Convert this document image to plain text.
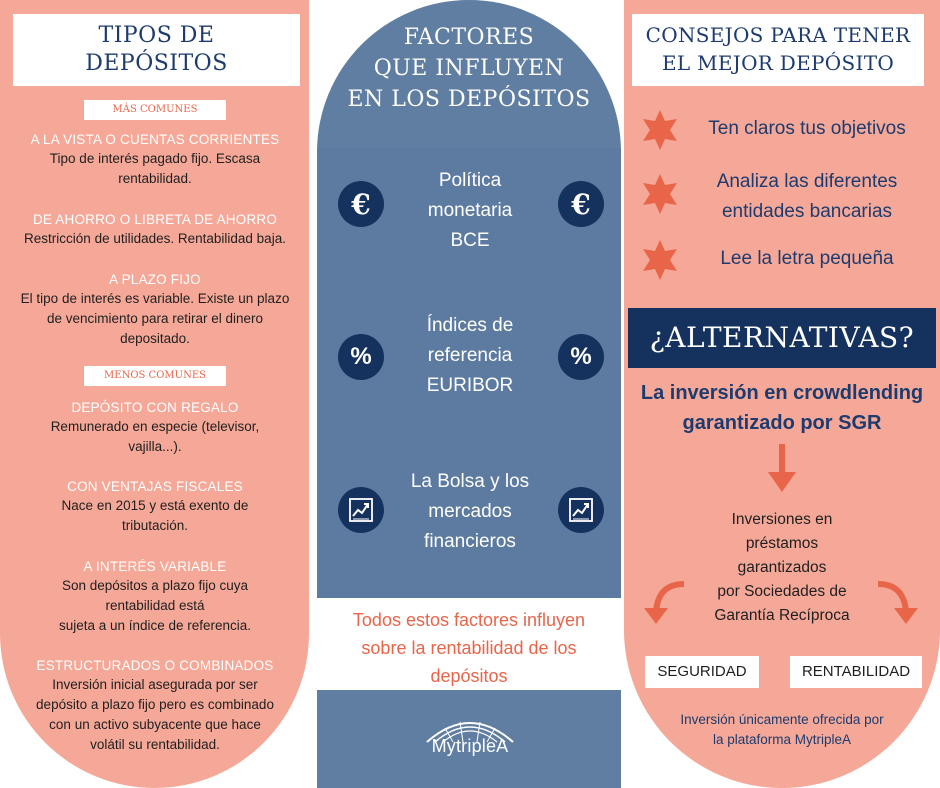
TIPOS DE
DEPÓSITOS
MÁS COMUNES
A LA VISTA O CUENTAS CORRIENTES
Tipo de interés pagado fijo. Escasa
rentabilidad.
DE AHORRO O LIBRETA DE AHORRO
Restricción de utilidades. Rentabilidad baja.
A PLAZO FIJO
El tipo de interés es variable. Existe un plazo
de vencimiento para retirar el dinero
depositado.
MENOS COMUNES
DEPÓSITO CON REGALO
Remunerado en especie (televisor,
vajilla...).
CON VENTAJAS FISCALES
Nace en 2015 y está exento de
tributación.
A INTERÉS VARIABLE
Son depósitos a plazo fijo cuya
rentabilidad está
sujeta a un índice de referencia.
ESTRUCTURADOS O COMBINADOS
Inversión inicial asegurada por ser
depósito a plazo fijo pero es combinado
con un activo subyacente que hace
volátil su rentabilidad.
FACTORES
QUE INFLUYEN
EN LOS DEPÓSITOS
€
Política
monetaria
BCE
€
%
Índices de
referencia
EURIBOR
%
La Bolsa y los
mercados
financieros
Todos estos factores influyen
sobre la rentabilidad de los
depósitos
MytripleA
CONSEJOS PARA TENER
EL MEJOR DEPÓSITO
Ten claros tus objetivos
Analiza las diferentes
entidades bancarias
Lee la letra pequeña
¿ALTERNATIVAS?
La inversión en crowdlending
garantizado por SGR
Inversiones en
préstamos
garantizados
por Sociedades de
Garantía Recíproca
SEGURIDAD	RENTABILIDAD
Inversión únicamente ofrecida por
la plataforma MytripleA
